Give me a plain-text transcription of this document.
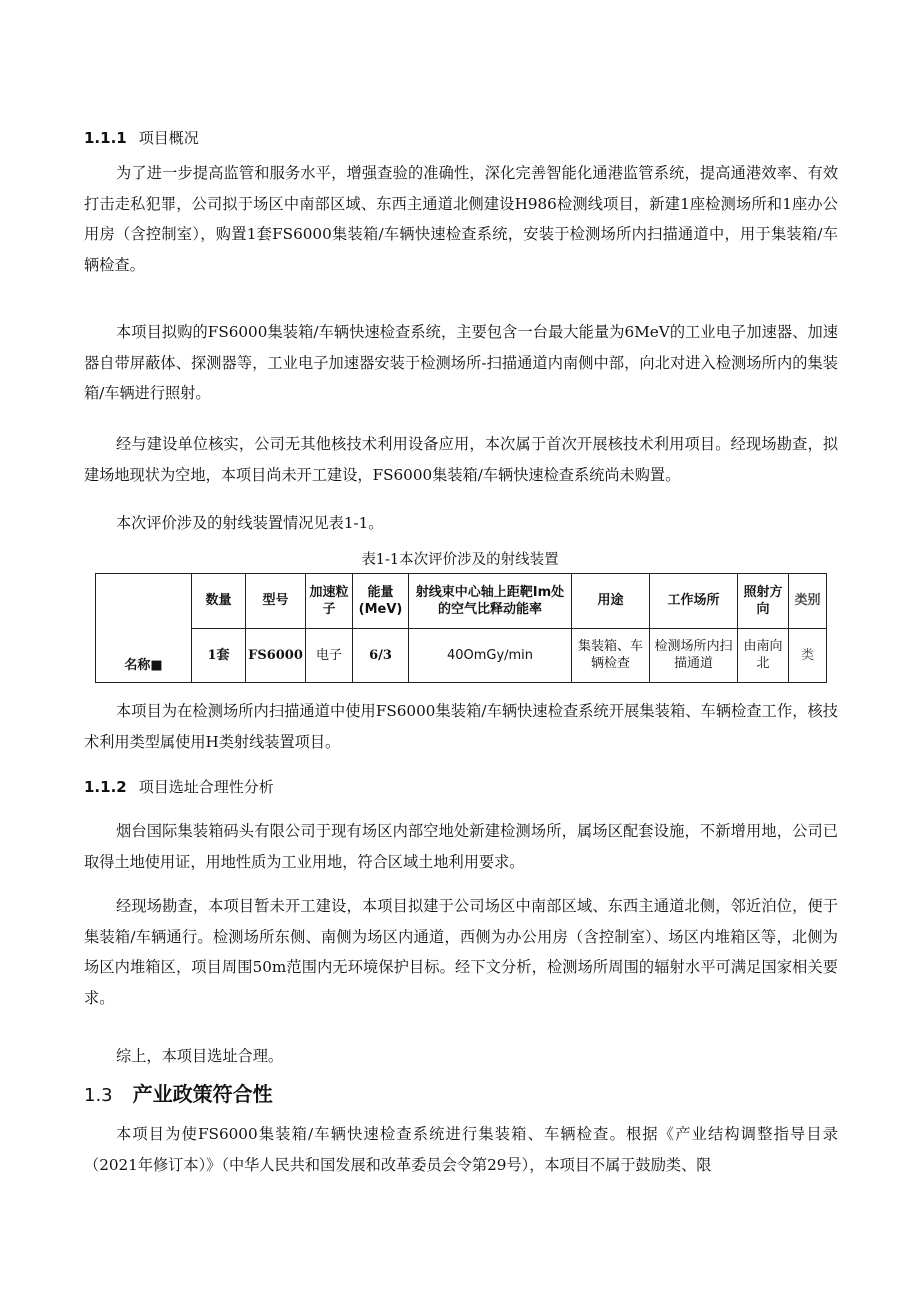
1.1.1 项目概况

为了进一步提高监管和服务水平，增强查验的准确性，深化完善智能化通港监管系统，提高通港效率、有效打击走私犯罪，公司拟于场区中南部区域、东西主通道北侧建设H986检测线项目，新建1座检测场所和1座办公用房（含控制室），购置1套FS6000集装箱/车辆快速检查系统，安装于检测场所内扫描通道中，用于集装箱/车辆检查。

本项目拟购的FS6000集装箱/车辆快速检查系统，主要包含一台最大能量为6MeV的工业电子加速器、加速器自带屏蔽体、探测器等，工业电子加速器安装于检测场所-扫描通道内南侧中部，向北对进入检测场所内的集装箱/车辆进行照射。

经与建设单位核实，公司无其他核技术利用设备应用，本次属于首次开展核技术利用项目。经现场勘查，拟建场地现状为空地，本项目尚未开工建设，FS6000集装箱/车辆快速检查系统尚未购置。

本次评价涉及的射线装置情况见表1-1。

表1-1本次评价涉及的射线装置
名称■	数量	型号	加速粒子	能量(MeV)	射线束中心轴上距靶Im处的空气比释动能率	用途	工作场所	照射方向	类别
	1套	FS6000	电子	6/3	40OmGy∕min	集装箱、车辆检查	检测场所内扫描通道	由南向北	类

本项目为在检测场所内扫描通道中使用FS6000集装箱/车辆快速检查系统开展集装箱、车辆检查工作，核技术利用类型属使用H类射线装置项目。

1.1.2 项目选址合理性分析

烟台国际集装箱码头有限公司于现有场区内部空地处新建检测场所，属场区配套设施，不新增用地，公司已取得土地使用证，用地性质为工业用地，符合区域土地利用要求。

经现场勘查，本项目暂未开工建设，本项目拟建于公司场区中南部区域、东西主通道北侧，邻近泊位，便于集装箱/车辆通行。检测场所东侧、南侧为场区内通道，西侧为办公用房（含控制室）、场区内堆箱区等，北侧为场区内堆箱区，项目周围50m范围内无环境保护目标。经下文分析，检测场所周围的辐射水平可满足国家相关要求。

综上，本项目选址合理。

1.3 产业政策符合性

本项目为使FS6000集装箱/车辆快速检查系统进行集装箱、车辆检查。根据《产业结构调整指导目录（2021年修订本）》（中华人民共和国发展和改革委员会令第29号），本项目不属于鼓励类、限
